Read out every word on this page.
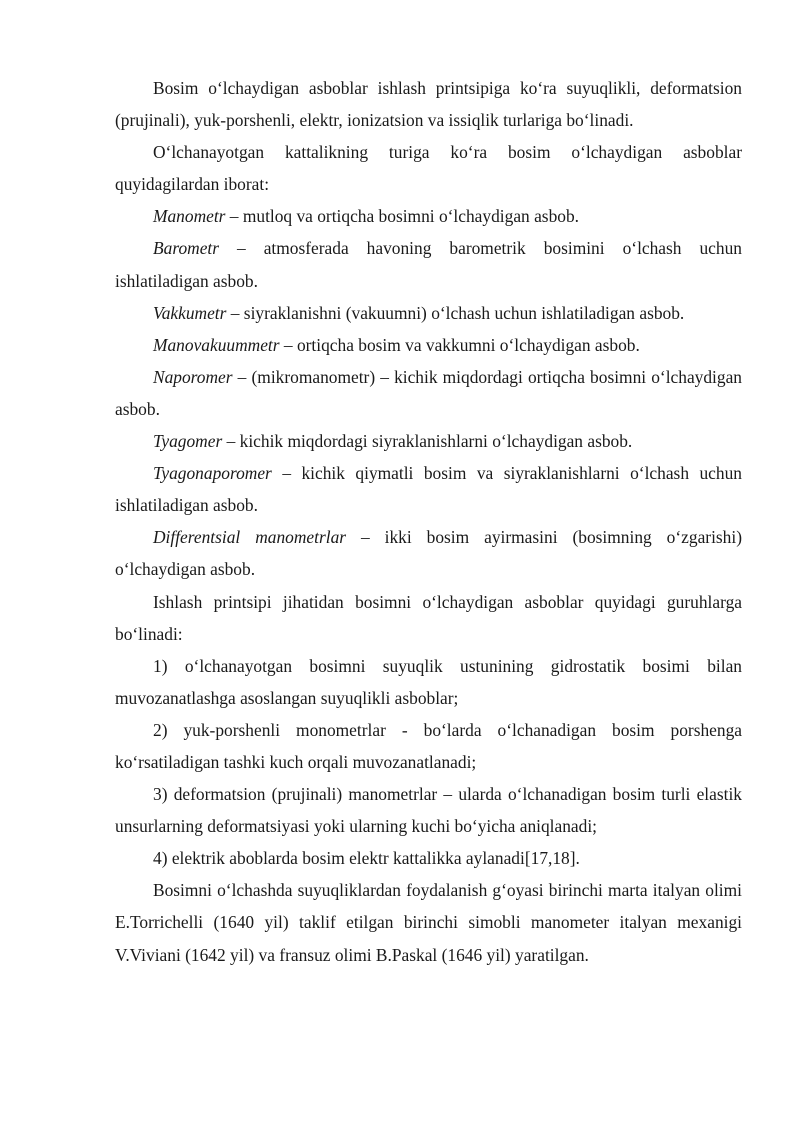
Bosim o‘lchaydigan asboblar ishlash printsipiga ko‘ra suyuqlikli, deformatsion (prujinali), yuk-porshenli, elektr, ionizatsion va issiqlik turlariga bo‘linadi.

O‘lchanayotgan kattalikning turiga ko‘ra bosim o‘lchaydigan asboblar quyidagilardan iborat:

Manometr – mutloq va ortiqcha bosimni o‘lchaydigan asbob.

Barometr – atmosferada havoning barometrik bosimini o‘lchash uchun ishlatiladigan asbob.

Vakkumetr – siyraklanishni (vakuumni) o‘lchash uchun ishlatiladigan asbob.

Manovakuummetr – ortiqcha bosim va vakkumni o‘lchaydigan asbob.

Naporomer – (mikromanometr) – kichik miqdordagi ortiqcha bosimni o‘lchaydigan asbob.

Tyagomer – kichik miqdordagi siyraklanishlarni o‘lchaydigan asbob.

Tyagonaporomer – kichik qiymatli bosim va siyraklanishlarni o‘lchash uchun ishlatiladigan asbob.

Differentsial manometrlar – ikki bosim ayirmasini (bosimning o‘zgarishi) o‘lchaydigan asbob.

Ishlash printsipi jihatidan bosimni o‘lchaydigan asboblar quyidagi guruhlarga bo‘linadi:

1) o‘lchanayotgan bosimni suyuqlik ustunining gidrostatik bosimi bilan muvozanatlashga asoslangan suyuqlikli asboblar;

2) yuk-porshenli monometrlar - bo‘larda o‘lchanadigan bosim porshenga ko‘rsatiladigan tashki kuch orqali muvozanatlanadi;

3) deformatsion (prujinali) manometrlar – ularda o‘lchanadigan bosim turli elastik unsurlarning deformatsiyasi yoki ularning kuchi bo‘yicha aniqlanadi;

4) elektrik aboblarda bosim elektr kattalikka aylanadi[17,18].

Bosimni o‘lchashda suyuqliklardan foydalanish g‘oyasi birinchi marta italyan olimi E.Torrichelli (1640 yil) taklif etilgan birinchi simobli manometer italyan mexanigi V.Viviani (1642 yil) va fransuz olimi B.Paskal (1646 yil) yaratilgan.
